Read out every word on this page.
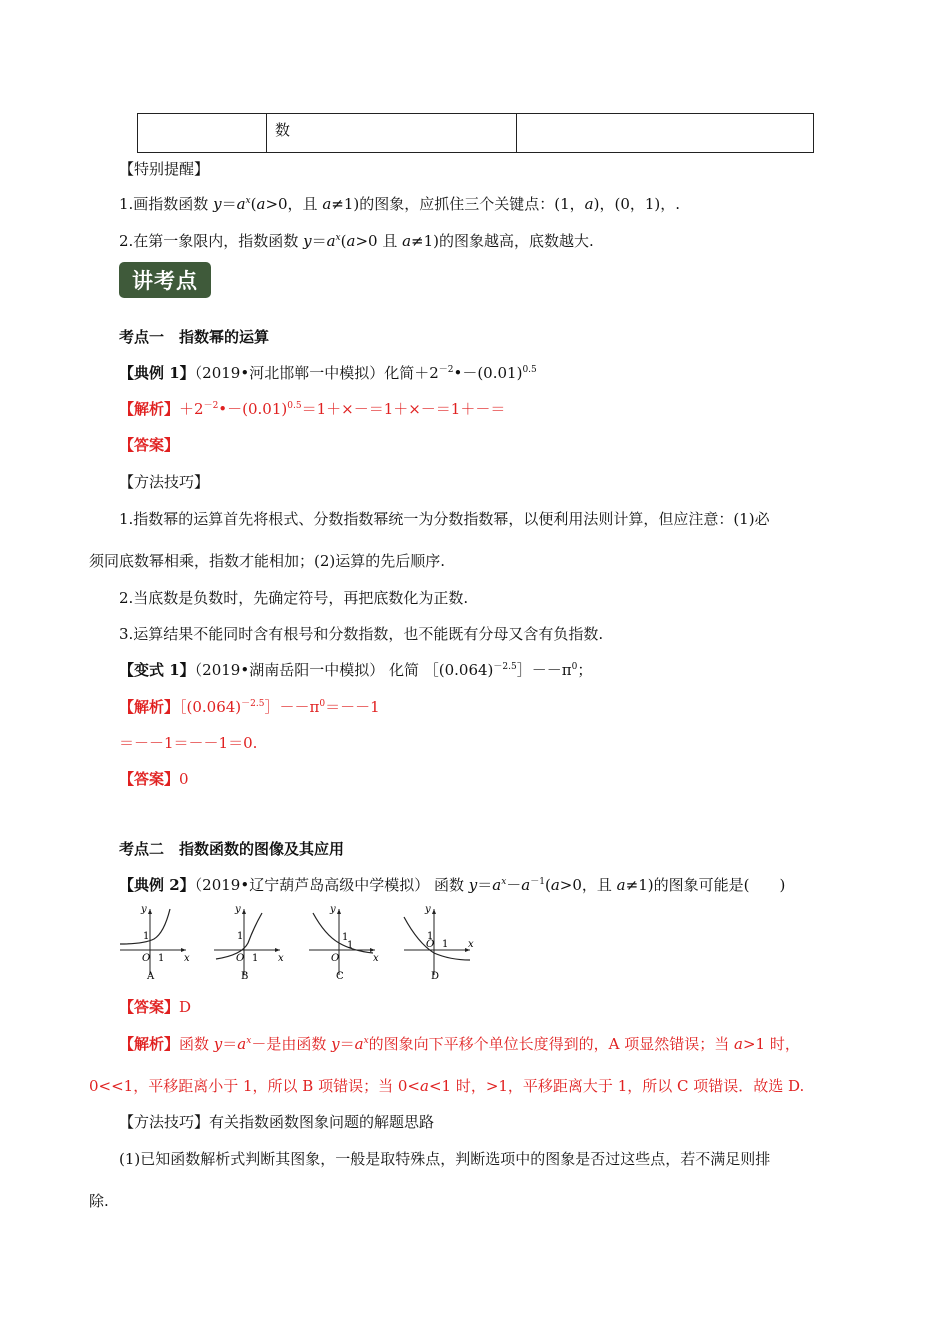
	数	
【特别提醒】
1.画指数函数 $y=a^x(a>0$，且 a≠1)的图象，应抓住三个关键点：(1，a)，(0，1)，.
2.在第一象限内，指数函数 $y=a^x(a>0$ 且 a≠1)的图象越高，底数越大.
讲考点
考点一　指数幂的运算
【典例 1】（2019•河北邯郸一中模拟）化简$+2^{-2}•-(0.01)^{0.5}$
【解析】$+2^{-2}•-(0.01)^{0.5}=1+\times-=1+\times-=1+-=$
【答案】
【方法技巧】
1.指数幂的运算首先将根式、分数指数幂统一为分数指数幂，以便利用法则计算，但应注意：(1)必
须同底数幂相乘，指数才能相加；(2)运算的先后顺序.
2.当底数是负数时，先确定符号，再把底数化为正数.
3.运算结果不能同时含有根号和分数指数，也不能既有分母又含有负指数.
【变式 1】（2019•湖南岳阳一中模拟） 化简 $[(0.064)^{-2.5}]--\pi^0$；
【解析】$[(0.064)^{-2.5}]--\pi^0=--1$
＝－－1＝－－1＝0.
【答案】0
考点二　指数函数的图像及其应用
【典例 2】（2019•辽宁葫芦岛高级中学模拟） 函数 $y=a^x-a^{-1}(a>0$，且 a≠1)的图象可能是(　　)
y
x
O
1
1
A
y
x
O
1
1
B
y
x
O
1
1
C
y
x
O
1
1
D
【答案】D
【解析】函数 $y=a^x-$是由函数 $y=a^x$的图象向下平移个单位长度得到的，A 项显然错误；当 a>1 时，
0<<1，平移距离小于 1，所以 B 项错误；当 0<a<1 时，>1，平移距离大于 1，所以 C 项错误．故选 D.
【方法技巧】有关指数函数图象问题的解题思路
(1)已知函数解析式判断其图象，一般是取特殊点，判断选项中的图象是否过这些点，若不满足则排
除.
